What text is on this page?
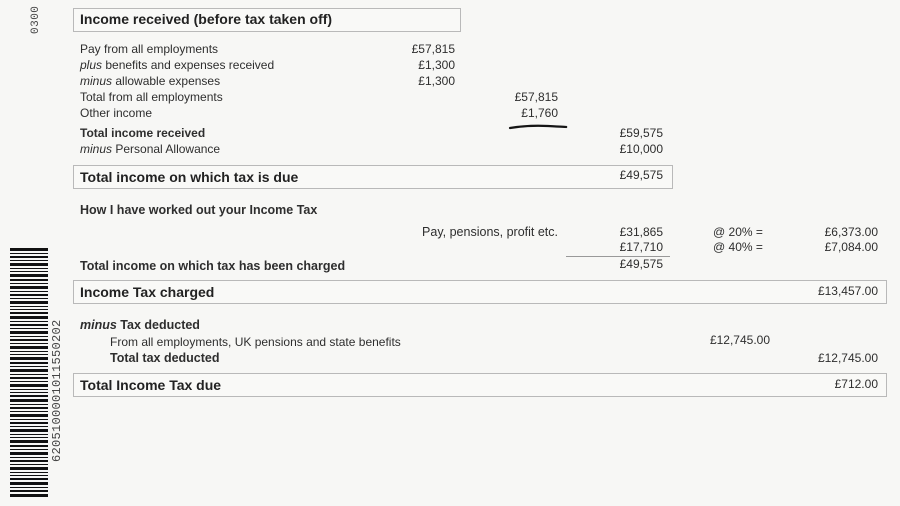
0300
6205100001011550202
Income received (before tax taken off)
Pay from all employments	£57,815
plus benefits and expenses received	£1,300
minus allowable expenses	£1,300
Total from all employments	£57,815
Other income	£1,760
Total income received	£59,575
minus Personal Allowance	£10,000
Total income on which tax is due	£49,575
How I have worked out your Income Tax
Pay, pensions, profit etc.	£31,865	@ 20% =	£6,373.00
£17,710	@ 40% =	£7,084.00
Total income on which tax has been charged	£49,575
Income Tax charged	£13,457.00
minus Tax deducted
From all employments, UK pensions and state benefits	£12,745.00
Total tax deducted	£12,745.00
Total Income Tax due	£712.00
